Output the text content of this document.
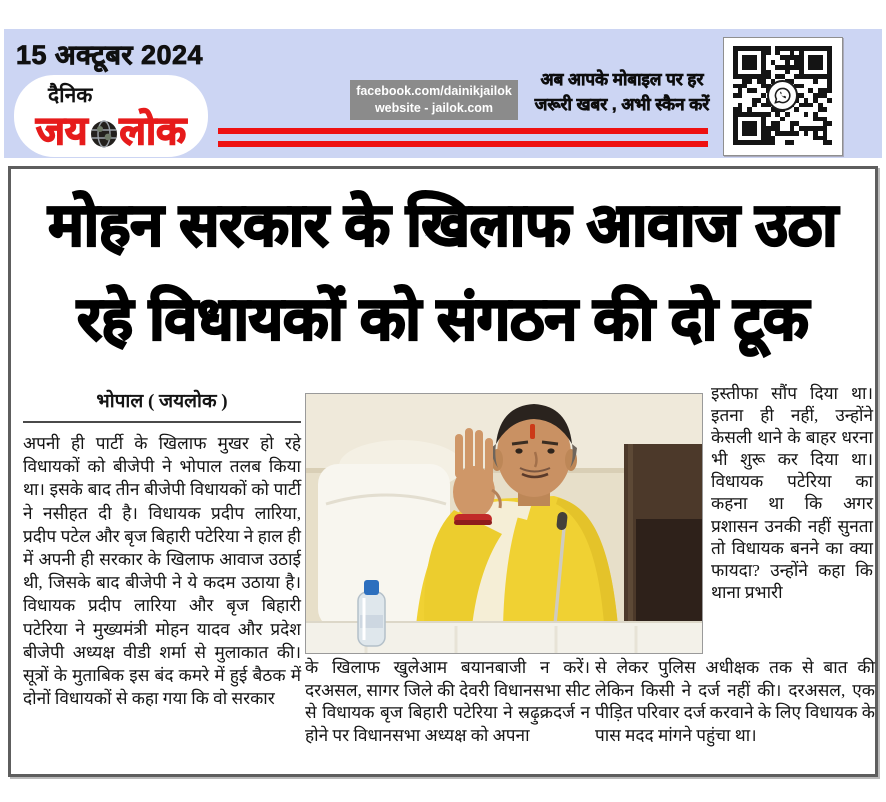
15 अक्टूबर 2024
दैनिक
जय लोक
facebook.com/dainikjailok
website - jailok.com
अब आपके मोबाइल पर हर
जरूरी खबर , अभी स्कैन करें
मोहन सरकार के खिलाफ आवाज उठा
रहे विधायकों को संगठन की दो टूक
भोपाल ( जयलोक )

अपनी ही पार्टी के खिलाफ मुखर हो रहे विधायकों को बीजेपी ने भोपाल तलब किया था। इसके बाद तीन बीजेपी विधायकों को पार्टी ने नसीहत दी है। विधायक प्रदीप लारिया, प्रदीप पटेल और बृज बिहारी पटेरिया ने हाल ही में अपनी ही सरकार के खिलाफ आवाज उठाई थी, जिसके बाद बीजेपी ने ये कदम उठाया है। विधायक प्रदीप लारिया और बृज बिहारी पटेरिया ने मुख्यमंत्री मोहन यादव और प्रदेश बीजेपी अध्यक्ष वीडी शर्मा से मुलाकात की। सूत्रों के मुताबिक इस बंद कमरे में हुई बैठक में दोनों विधायकों से कहा गया कि वो सरकार

इस्तीफा सौंप दिया था। इतना ही नहीं, उन्होंने केसली थाने के बाहर धरना भी शुरू कर दिया था। विधायक पटेरिया का कहना था कि अगर प्रशासन उनकी नहीं सुनता तो विधायक बनने का क्या फायदा? उन्होंने कहा कि थाना प्रभारी

के खिलाफ खुलेआम बयानबाजी न करें। दरअसल, सागर जिले की देवरी विधानसभा सीट से विधायक बृज बिहारी पटेरिया ने स्रढ़ुक्रदर्ज न होने पर विधानसभा अध्यक्ष को अपना

से लेकर पुलिस अधीक्षक तक से बात की लेकिन किसी ने दर्ज नहीं की। दरअसल, एक पीड़ित परिवार दर्ज करवाने के लिए विधायक के पास मदद मांगने पहुंचा था।
